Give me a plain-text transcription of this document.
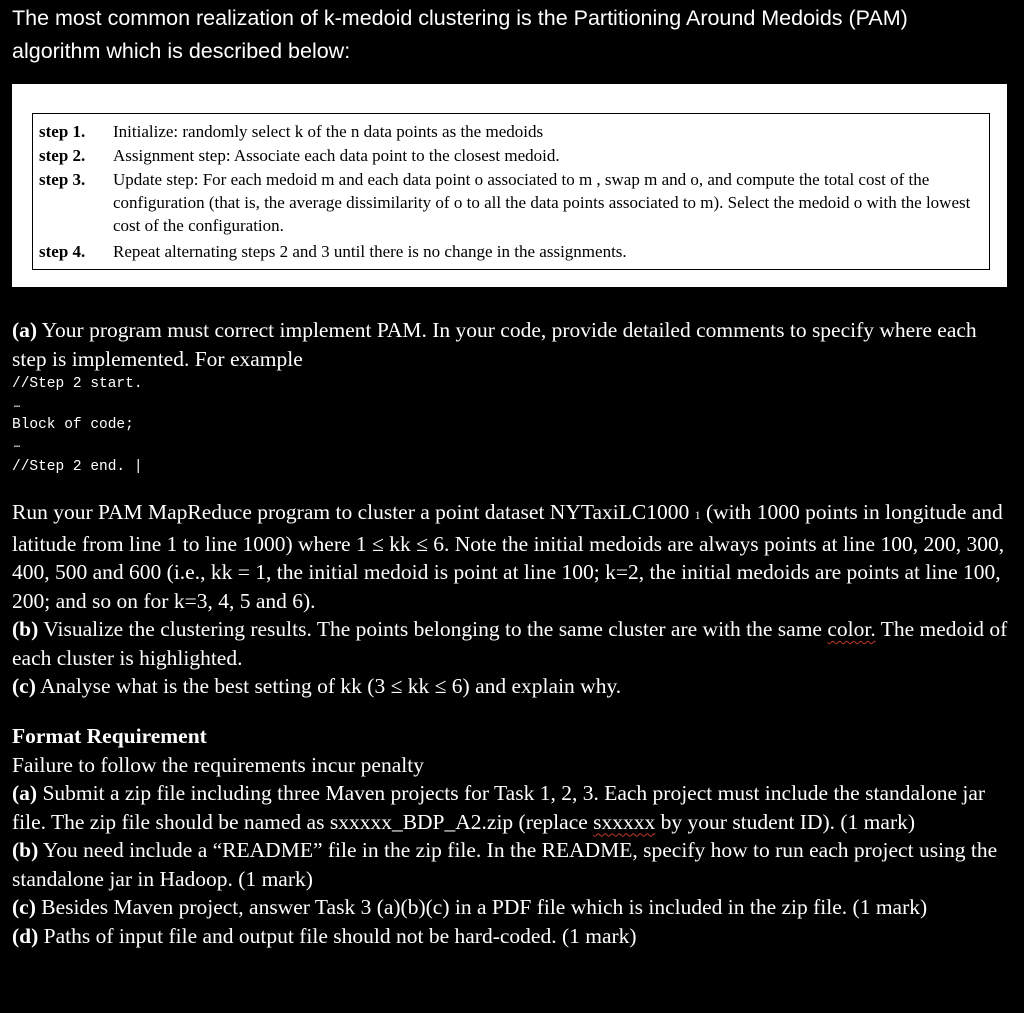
The most common realization of k-medoid clustering is the Partitioning Around Medoids (PAM)
algorithm which is described below:
step 1. Initialize: randomly select k of the n data points as the medoids
step 2. Assignment step: Associate each data point to the closest medoid.
step 3. Update step: For each medoid m and each data point o associated to m , swap m and o, and compute the total cost of the configuration (that is, the average dissimilarity of o to all the data points associated to m). Select the medoid o with the lowest cost of the configuration.
step 4. Repeat alternating steps 2 and 3 until there is no change in the assignments.
(a) Your program must correct implement PAM. In your code, provide detailed comments to specify where each step is implemented. For example
//Step 2 start.
…
Block of code;
…
//Step 2 end. |
Run your PAM MapReduce program to cluster a point dataset NYTaxiLC1000 1 (with 1000 points in longitude and latitude from line 1 to line 1000) where 1 ≤ kk ≤ 6. Note the initial medoids are always points at line 100, 200, 300, 400, 500 and 600 (i.e., kk = 1, the initial medoid is point at line 100; k=2, the initial medoids are points at line 100, 200; and so on for k=3, 4, 5 and 6).
(b) Visualize the clustering results. The points belonging to the same cluster are with the same color. The medoid of each cluster is highlighted.
(c) Analyse what is the best setting of kk (3 ≤ kk ≤ 6) and explain why.
Format Requirement
Failure to follow the requirements incur penalty
(a) Submit a zip file including three Maven projects for Task 1, 2, 3. Each project must include the standalone jar file. The zip file should be named as sxxxxx_BDP_A2.zip (replace sxxxxx by your student ID). (1 mark)
(b) You need include a “README” file in the zip file. In the README, specify how to run each project using the standalone jar in Hadoop. (1 mark)
(c) Besides Maven project, answer Task 3 (a)(b)(c) in a PDF file which is included in the zip file. (1 mark)
(d) Paths of input file and output file should not be hard-coded. (1 mark)
